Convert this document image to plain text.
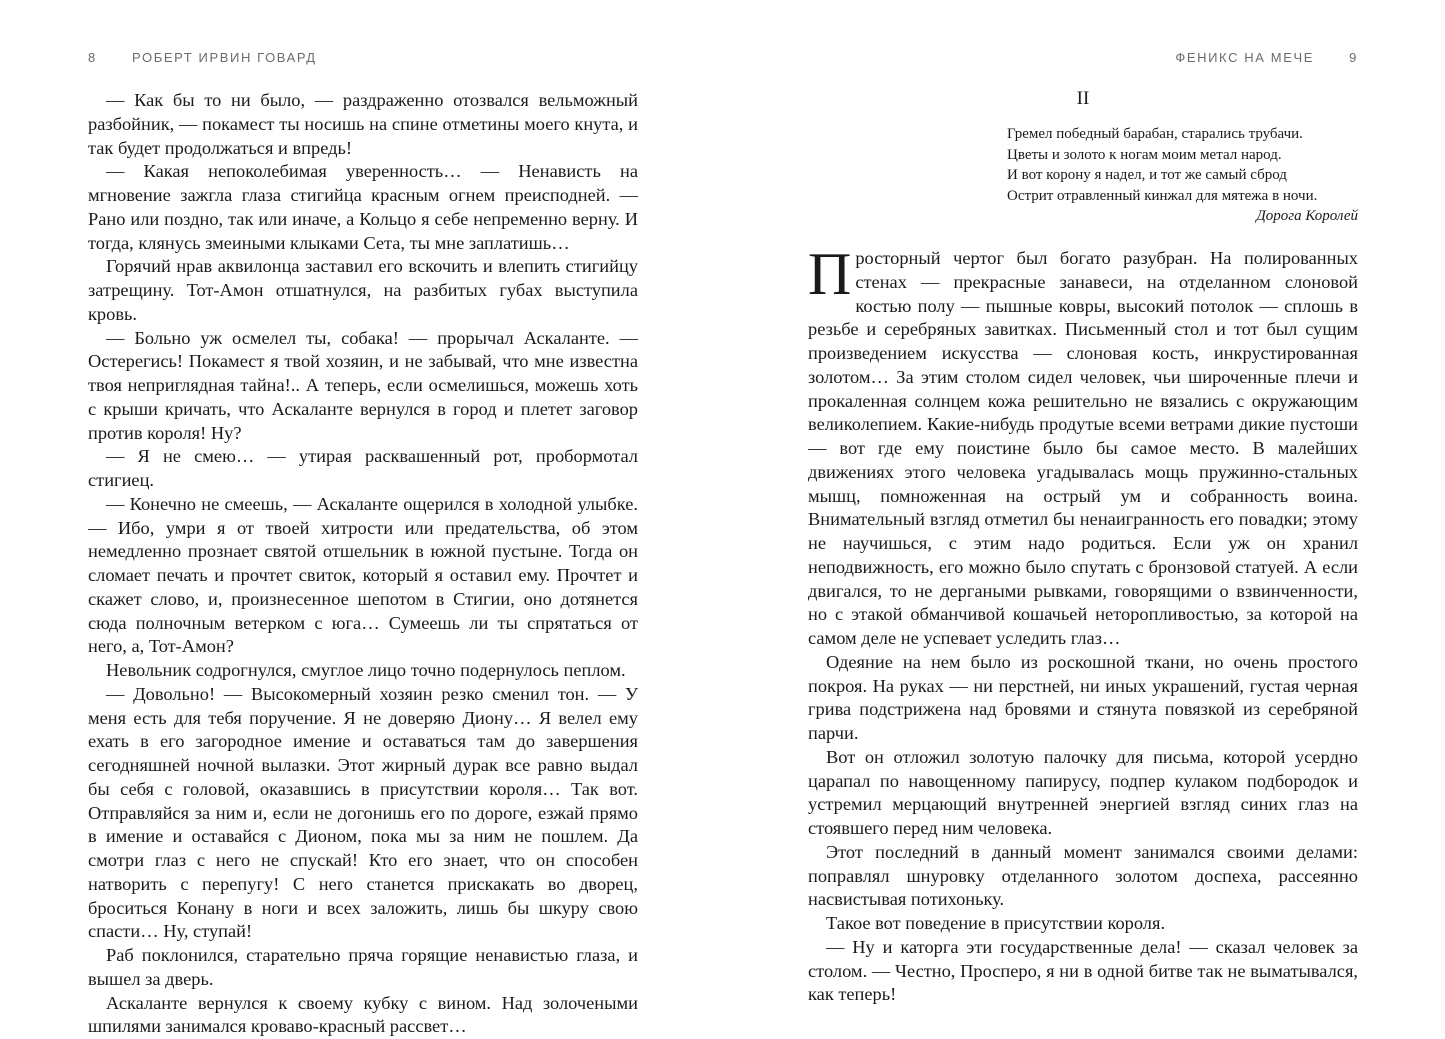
8	РОБЕРТ ИРВИН ГОВАРД

— Как бы то ни было, — раздраженно отозвался вельможный разбойник, — покамест ты носишь на спине отметины моего кнута, и так будет продолжаться и впредь!

— Какая непоколебимая уверенность… — Ненависть на мгновение зажгла глаза стигийца красным огнем преисподней. — Рано или поздно, так или иначе, а Кольцо я себе непременно верну. И тогда, клянусь змеиными клыками Сета, ты мне заплатишь…

Горячий нрав аквилонца заставил его вскочить и влепить стигийцу затрещину. Тот-Амон отшатнулся, на разбитых губах выступила кровь.

— Больно уж осмелел ты, собака! — прорычал Аскаланте. — Остерегись! Покамест я твой хозяин, и не забывай, что мне известна твоя неприглядная тайна!.. А теперь, если осмелишься, можешь хоть с крыши кричать, что Аскаланте вернулся в город и плетет заговор против короля! Ну?

— Я не смею… — утирая расквашенный рот, пробормотал стигиец.

— Конечно не смеешь, — Аскаланте ощерился в холодной улыбке. — Ибо, умри я от твоей хитрости или предательства, об этом немедленно прознает святой отшельник в южной пустыне. Тогда он сломает печать и прочтет свиток, который я оставил ему. Прочтет и скажет слово, и, произнесенное шепотом в Стигии, оно дотянется сюда полночным ветерком с юга… Сумеешь ли ты спрятаться от него, а, Тот-Амон?

Невольник содрогнулся, смуглое лицо точно подернулось пеплом.

— Довольно! — Высокомерный хозяин резко сменил тон. — У меня есть для тебя поручение. Я не доверяю Диону… Я велел ему ехать в его загородное имение и оставаться там до завершения сегодняшней ночной вылазки. Этот жирный дурак все равно выдал бы себя с головой, оказавшись в присутствии короля… Так вот. Отправляйся за ним и, если не догонишь его по дороге, езжай прямо в имение и оставайся с Дионом, пока мы за ним не пошлем. Да смотри глаз с него не спускай! Кто его знает, что он способен натворить с перепугу! С него станется прискакать во дворец, броситься Конану в ноги и всех заложить, лишь бы шкуру свою спасти… Ну, ступай!

Раб поклонился, старательно пряча горящие ненавистью глаза, и вышел за дверь.

Аскаланте вернулся к своему кубку с вином. Над золочеными шпилями занимался кроваво-красный рассвет…

ФЕНИКС НА МЕЧЕ	9
II
Гремел победный барабан, старались трубачи.
Цветы и золото к ногам моим метал народ.
И вот корону я надел, и тот же самый сброд
Острит отравленный кинжал для мятежа в ночи.
Дорога Королей

Просторный чертог был богато разубран. На полированных стенах — прекрасные занавеси, на отделанном слоновой костью полу — пышные ковры, высокий потолок — сплошь в резьбе и серебряных завитках. Письменный стол и тот был сущим произведением искусства — слоновая кость, инкрустированная золотом… За этим столом сидел человек, чьи широченные плечи и прокаленная солнцем кожа решительно не вязались с окружающим великолепием. Какие-нибудь продутые всеми ветрами дикие пустоши — вот где ему поистине было бы самое место. В малейших движениях этого человека угадывалась мощь пружинно-стальных мышц, помноженная на острый ум и собранность воина. Внимательный взгляд отметил бы ненаигранность его повадки; этому не научишься, с этим надо родиться. Если уж он хранил неподвижность, его можно было спутать с бронзовой статуей. А если двигался, то не дергаными рывками, говорящими о взвинченности, но с этакой обманчивой кошачьей неторопливостью, за которой на самом деле не успевает уследить глаз…

Одеяние на нем было из роскошной ткани, но очень простого покроя. На руках — ни перстней, ни иных украшений, густая черная грива подстрижена над бровями и стянута повязкой из серебряной парчи.

Вот он отложил золотую палочку для письма, которой усердно царапал по навощенному папирусу, подпер кулаком подбородок и устремил мерцающий внутренней энергией взгляд синих глаз на стоявшего перед ним человека.

Этот последний в данный момент занимался своими делами: поправлял шнуровку отделанного золотом доспеха, рассеянно насвистывая потихоньку.

Такое вот поведение в присутствии короля.

— Ну и каторга эти государственные дела! — сказал человек за столом. — Честно, Просперо, я ни в одной битве так не выматывался, как теперь!
